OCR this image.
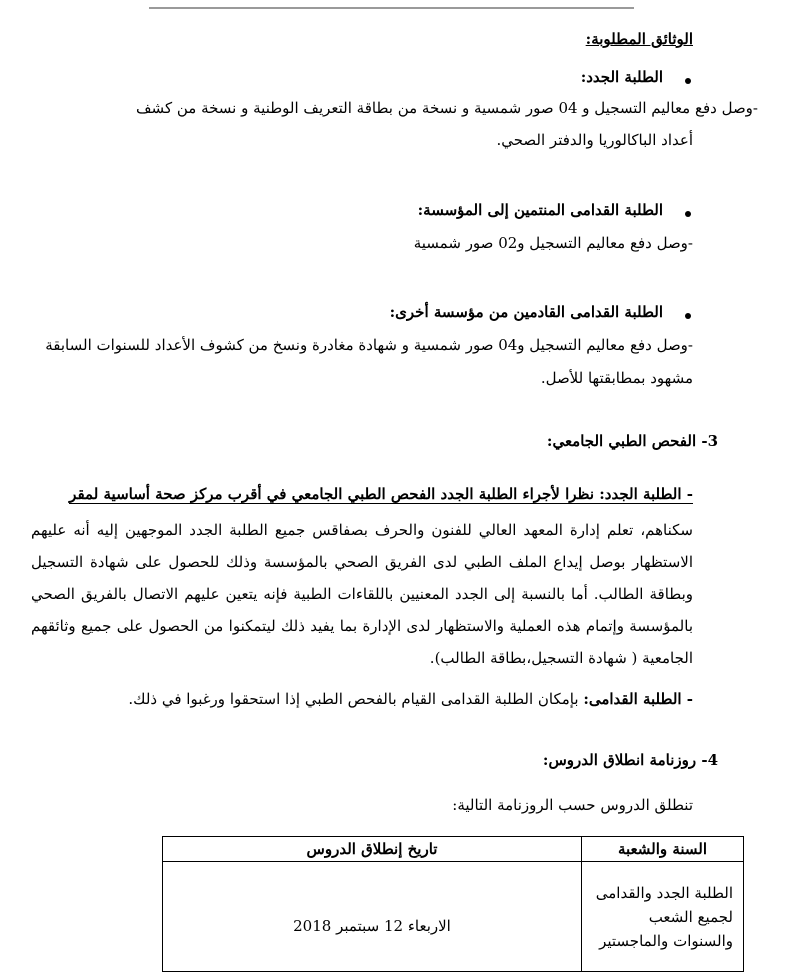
الوثائق المطلوبة:
الطلبة الجدد:
-وصل دفع معاليم التسجيل و 04 صور شمسية و نسخة من بطاقة التعريف الوطنية و نسخة من كشف
أعداد الباكالوريا والدفتر الصحي.
الطلبة القدامى المنتمين إلى المؤسسة:
-وصل دفع معاليم التسجيل و02 صور شمسية
الطلبة القدامى القادمين من مؤسسة أخرى:
-وصل دفع معاليم التسجيل و04 صور شمسية و شهادة مغادرة ونسخ من كشوف الأعداد للسنوات السابقة
مشهود بمطابقتها للأصل.
3- الفحص الطبي الجامعي:
- الطلبة الجدد: نظرا لأجراء الطلبة الجدد الفحص الطبي الجامعي في أقرب مركز صحة أساسية لمقر
سكناهم، تعلم إدارة المعهد العالي للفنون والحرف بصفاقس جميع الطلبة الجدد الموجهين إليه أنه عليهم الاستظهار بوصل إيداع الملف الطبي لدى الفريق الصحي بالمؤسسة وذلك للحصول على شهادة التسجيل وبطاقة الطالب. أما بالنسبة إلى الجدد المعنيين باللقاءات الطبية فإنه يتعين عليهم الاتصال بالفريق الصحي بالمؤسسة وإتمام هذه العملية والاستظهار لدى الإدارة بما يفيد ذلك ليتمكنوا من الحصول على جميع وثائقهم الجامعية ( شهادة التسجيل،بطاقة الطالب).
- الطلبة القدامى: بإمكان الطلبة القدامى القيام بالفحص الطبي إذا استحقوا ورغبوا في ذلك.
4- روزنامة انطلاق الدروس:
تنطلق الدروس حسب الروزنامة التالية:
السنة والشعبة	تاريخ إنطلاق الدروس
الطلبة الجدد والقدامى لجميع الشعب والسنوات والماجستير	الاربعاء 12 سبتمبر 2018
